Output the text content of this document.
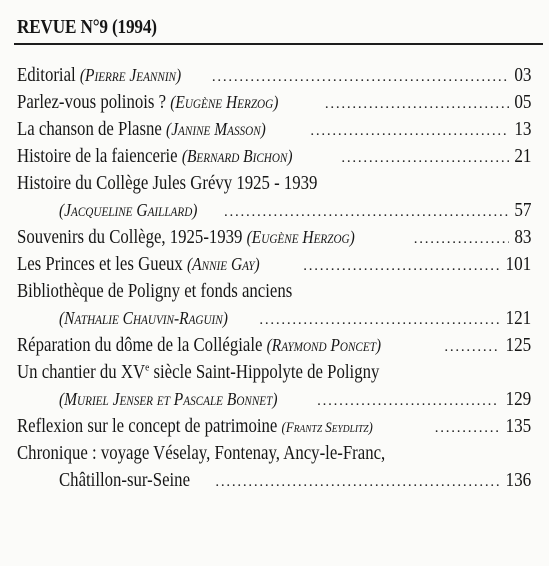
REVUE N°9 (1994)
Editorial (Pierre Jeannin) . . .	03
Parlez-vous polinois ? (Eugène Herzog) . . .	05
La chanson de Plasne (Janine Masson) . . .	13
Histoire de la faiencerie (Bernard Bichon) . . .	21
Histoire du Collège Jules Grévy 1925 - 1939
(Jacqueline Gaillard) . . .	57
Souvenirs du Collège, 1925-1939 (Eugène Herzog) . . .	83
Les Princes et les Gueux (Annie Gay) . . .	101
Bibliothèque de Poligny et fonds anciens
(Nathalie Chauvin-Raguin) . . .	121
Réparation du dôme de la Collégiale (Raymond Poncet) . . .	125
Un chantier du XVe siècle Saint-Hippolyte de Poligny
(Muriel Jenser et Pascale Bonnet) . . .	129
Reflexion sur le concept de patrimoine (Frantz Seydlitz) . . .	135
Chronique : voyage Véselay, Fontenay, Ancy-le-Franc,
Châtillon-sur-Seine . . .	136
